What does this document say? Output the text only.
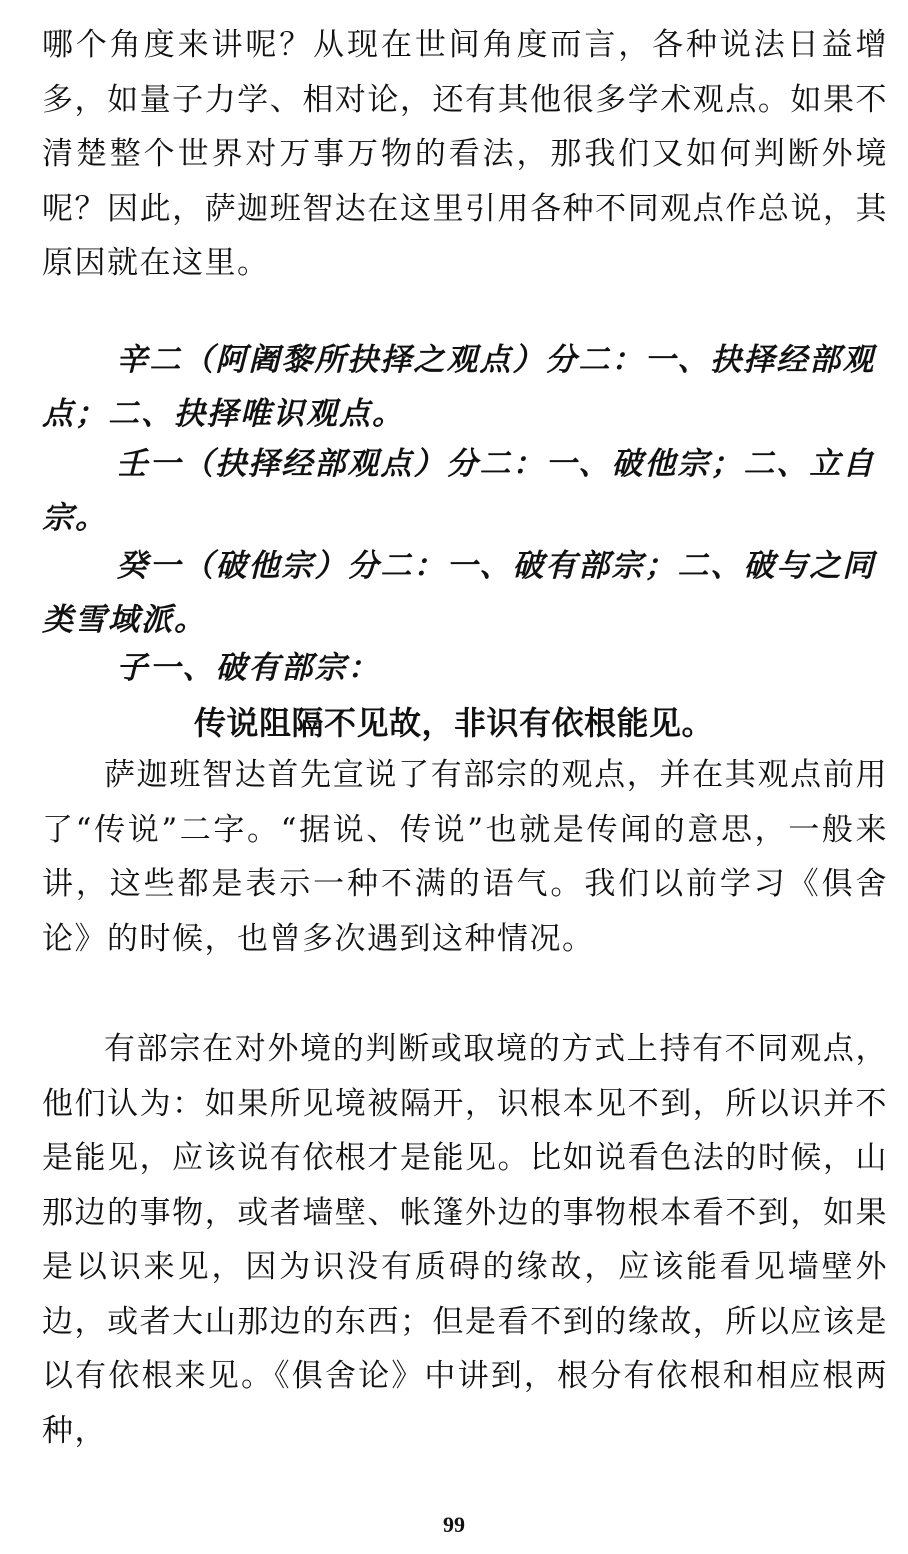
哪个角度来讲呢？从现在世间角度而言，各种说法日益增多，如量子力学、相对论，还有其他很多学术观点。如果不清楚整个世界对万事万物的看法，那我们又如何判断外境呢？因此，萨迦班智达在这里引用各种不同观点作总说，其原因就在这里。

辛二（阿阇黎所抉择之观点）分二：一、抉择经部观点；二、抉择唯识观点。

壬一（抉择经部观点）分二：一、破他宗；二、立自宗。

癸一（破他宗）分二：一、破有部宗；二、破与之同类雪域派。

子一、破有部宗：

传说阻隔不见故，非识有依根能见。

萨迦班智达首先宣说了有部宗的观点，并在其观点前用了“传说”二字。“据说、传说”也就是传闻的意思，一般来讲，这些都是表示一种不满的语气。我们以前学习《俱舍论》的时候，也曾多次遇到这种情况。

有部宗在对外境的判断或取境的方式上持有不同观点，他们认为：如果所见境被隔开，识根本见不到，所以识并不是能见，应该说有依根才是能见。比如说看色法的时候，山那边的事物，或者墙壁、帐篷外边的事物根本看不到，如果是以识来见，因为识没有质碍的缘故，应该能看见墙壁外边，或者大山那边的东西；但是看不到的缘故，所以应该是以有依根来见。《俱舍论》中讲到，根分有依根和相应根两种，

99
